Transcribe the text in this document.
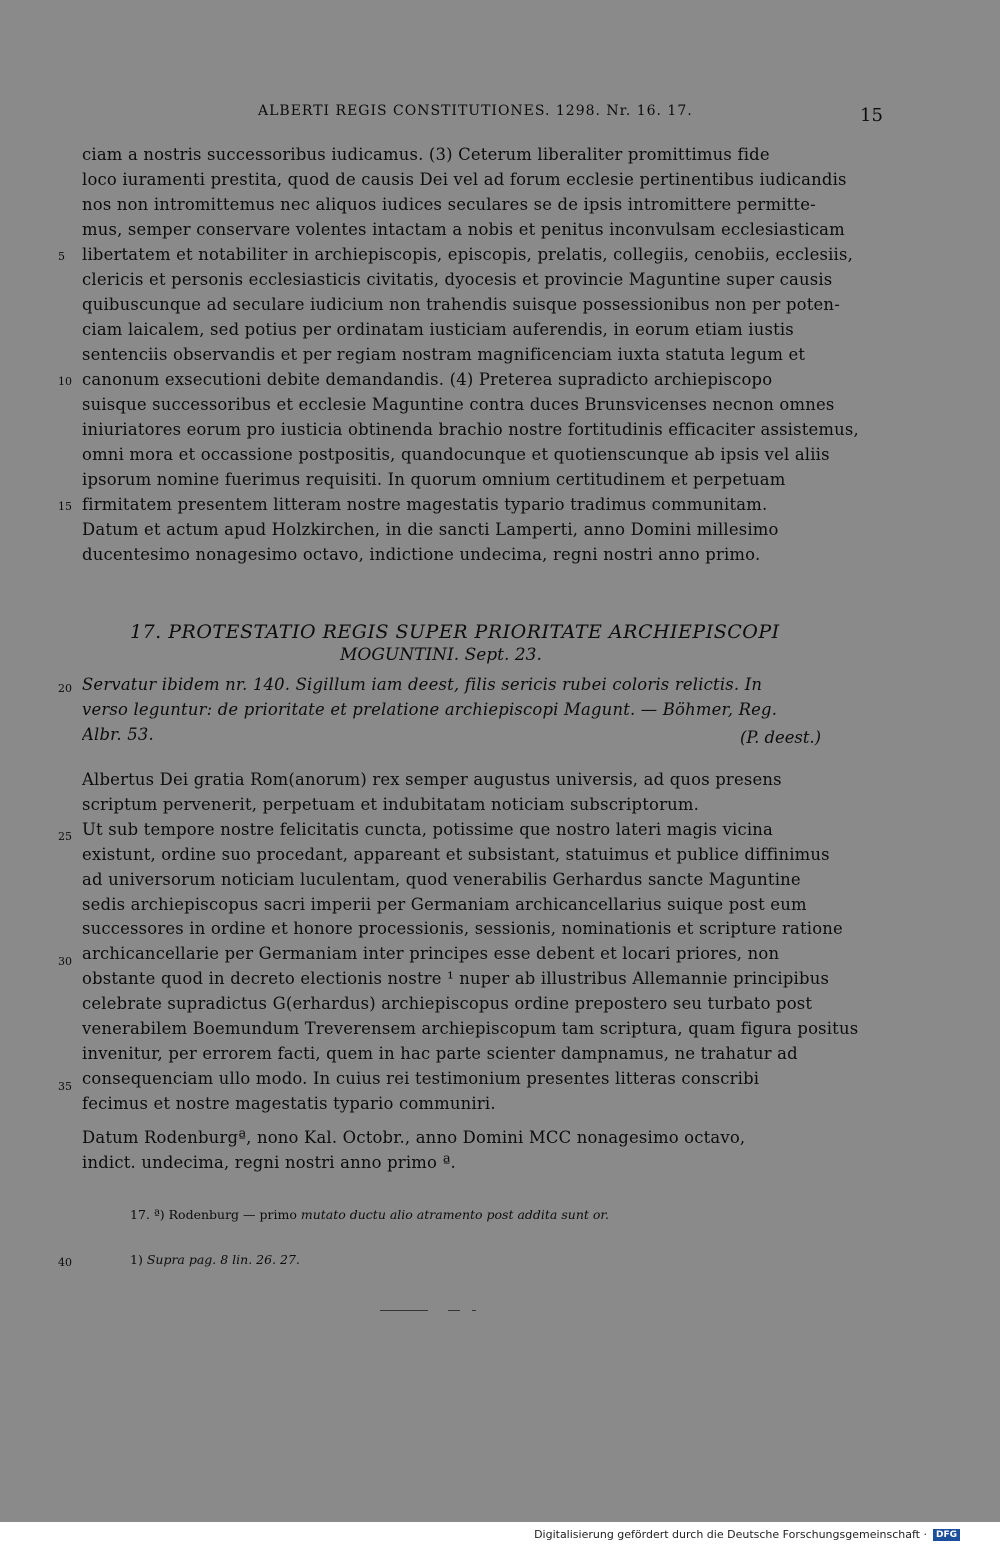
ALBERTI REGIS CONSTITUTIONES. 1298. Nr. 16. 17.	15
ciam a nostris successoribus iudicamus. (3) Ceterum liberaliter promittimus fide
loco iuramenti prestita, quod de causis Dei vel ad forum ecclesie pertinentibus iudicandis
nos non intromittemus nec aliquos iudices seculares se de ipsis intromittere permitte-
mus, semper conservare volentes intactam a nobis et penitus inconvulsam ecclesiasticam
libertatem et notabiliter in archiepiscopis, episcopis, prelatis, collegiis, cenobiis, ecclesiis,
clericis et personis ecclesiasticis civitatis, dyocesis et provincie Maguntine super causis
quibuscunque ad seculare iudicium non trahendis suisque possessionibus non per poten-
ciam laicalem, sed potius per ordinatam iusticiam auferendis, in eorum etiam iustis
sentenciis observandis et per regiam nostram magnificenciam iuxta statuta legum et
canonum exsecutioni debite demandandis. (4) Preterea supradicto archiepiscopo
suisque successoribus et ecclesie Maguntine contra duces Brunsvicenses necnon omnes
iniuriatores eorum pro iusticia obtinenda brachio nostre fortitudinis efficaciter assistemus,
omni mora et occassione postpositis, quandocunque et quotienscunque ab ipsis vel aliis
ipsorum nomine fuerimus requisiti. In quorum omnium certitudinem et perpetuam
firmitatem presentem litteram nostre magestatis typario tradimus communitam.
Datum et actum apud Holzkirchen, in die sancti Lamperti, anno Domini millesimo
ducentesimo nonagesimo octavo, indictione undecima, regni nostri anno primo.
5
10
15
17. PROTESTATIO REGIS SUPER PRIORITATE ARCHIEPISCOPI
MOGUNTINI. Sept. 23.
20 Servatur ibidem nr. 140. Sigillum iam deest, filis sericis rubei coloris relictis. In
verso leguntur: de prioritate et prelatione archiepiscopi Magunt. — Böhmer, Reg.
Albr. 53.	(P. deest.)
Albertus Dei gratia Rom(anorum) rex semper augustus universis, ad quos presens
scriptum pervenerit, perpetuam et indubitatam noticiam subscriptorum.
Ut sub tempore nostre felicitatis cuncta, potissime que nostro lateri magis vicina
existunt, ordine suo procedant, appareant et subsistant, statuimus et publice diffinimus
ad universorum noticiam luculentam, quod venerabilis Gerhardus sancte Maguntine
sedis archiepiscopus sacri imperii per Germaniam archicancellarius suique post eum
successores in ordine et honore processionis, sessionis, nominationis et scripture ratione
archicancellarie per Germaniam inter principes esse debent et locari priores, non
obstante quod in decreto electionis nostre ¹ nuper ab illustribus Allemannie principibus
celebrate supradictus G(erhardus) archiepiscopus ordine prepostero seu turbato post
venerabilem Boemundum Treverensem archiepiscopum tam scriptura, quam figura positus
invenitur, per errorem facti, quem in hac parte scienter dampnamus, ne trahatur ad
consequenciam ullo modo. In cuius rei testimonium presentes litteras conscribi
fecimus et nostre magestatis typario communiri.
25
30
35
Datum Rodenburgª, nono Kal. Octobr., anno Domini MCC nonagesimo octavo,
indict. undecima, regni nostri anno primo ª.
17. ª) Rodenburg — primo mutato ductu alio atramento post addita sunt or.
40	1) Supra pag. 8 lin. 26. 27.
Digitalisierung gefördert durch die Deutsche Forschungsgemeinschaft ·	DFG
